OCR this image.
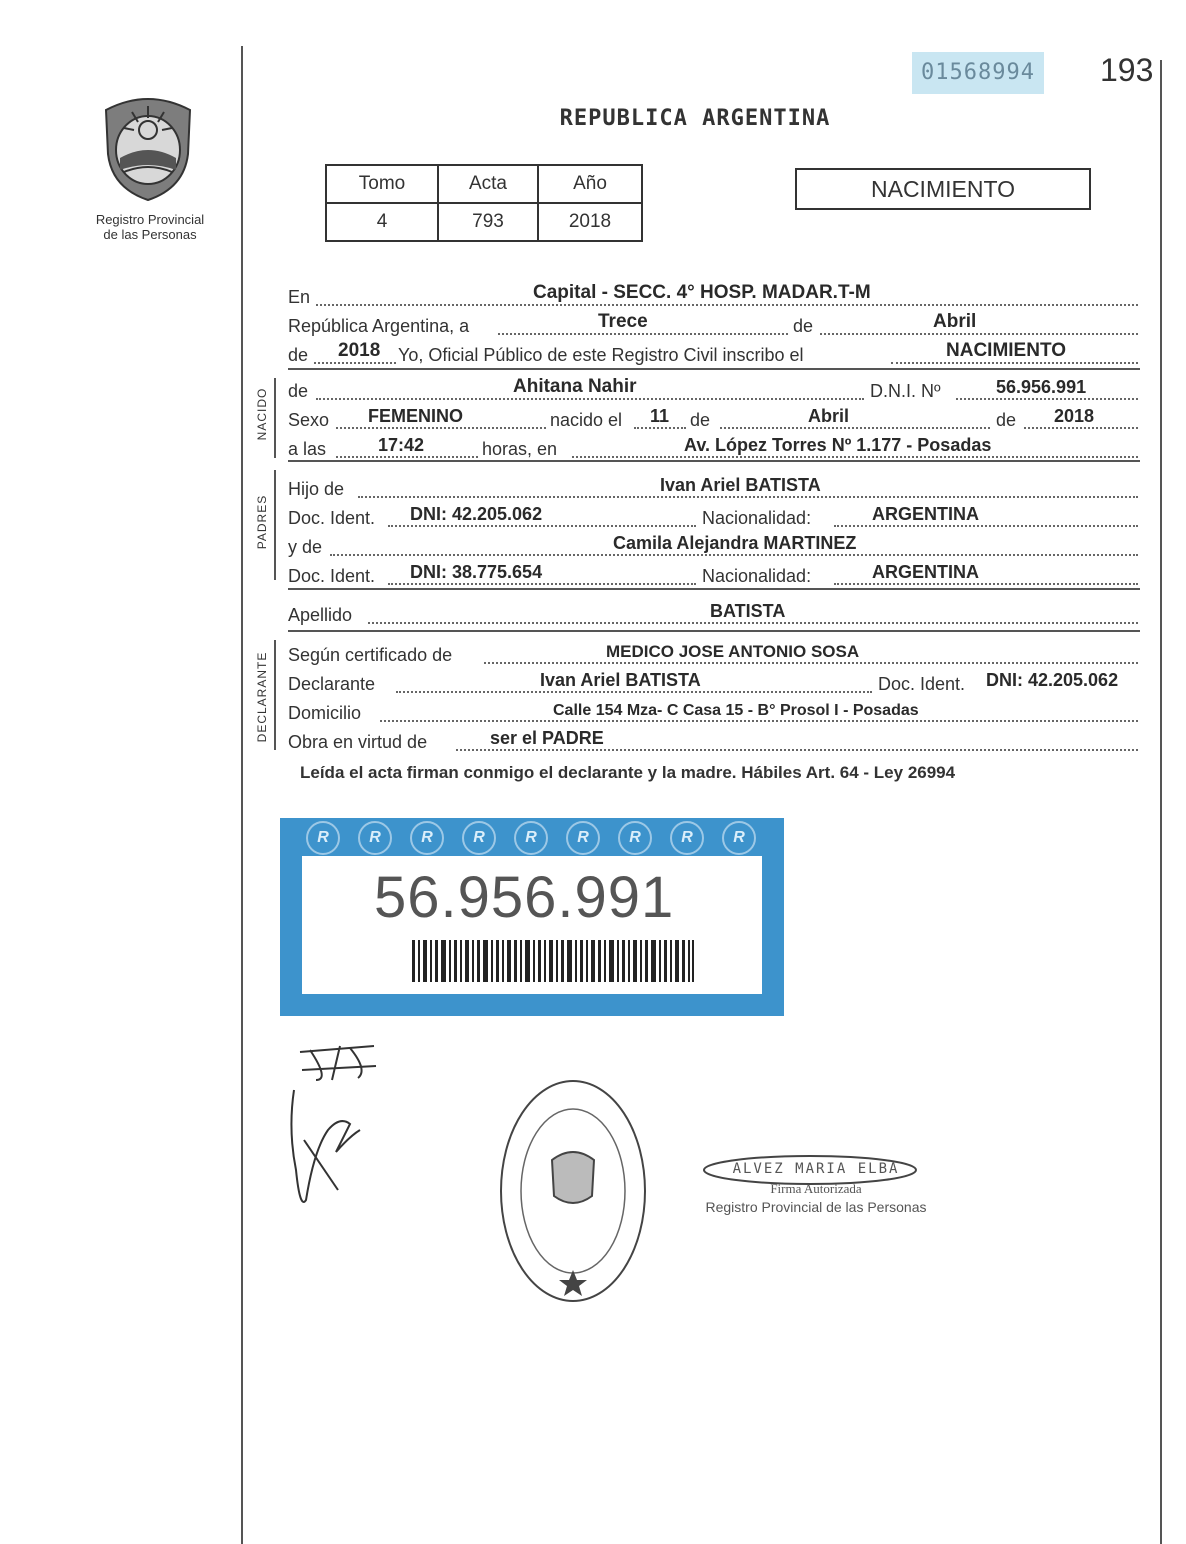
01568994 193
Registro Provincial
de las Personas
REPUBLICA ARGENTINA
Tomo	Acta	Año
4	793	2018
NACIMIENTO
En	Capital - SECC. 4° HOSP. MADAR.T-M
República Argentina, a	Trece	de	Abril
de 2018 Yo, Oficial Público de este Registro Civil inscribo el	NACIMIENTO
NACIDO de	Ahitana Nahir	D.N.I. Nº	56.956.991
Sexo FEMENINO	nacido el 11 de	Abril	de 2018
a las	17:42	horas, en	Av. López Torres Nº 1.177 - Posadas
PADRES
Hijo de	Ivan Ariel BATISTA
Doc. Ident. DNI: 42.205.062	Nacionalidad:	ARGENTINA
y de	Camila Alejandra MARTINEZ
Doc. Ident. DNI: 38.775.654	Nacionalidad:	ARGENTINA
Apellido	BATISTA
DECLARANTE Según certificado de	MEDICO JOSE ANTONIO SOSA
Declarante	Ivan Ariel BATISTA	Doc. Ident. DNI: 42.205.062
Domicilio	Calle 154 Mza- C Casa 15 - B° Prosol I - Posadas
Obra en virtud de	ser el PADRE
Leída el acta firman conmigo el declarante y la madre. Hábiles Art. 64 - Ley 26994
R	R	R	R	R	R	R	R	R
56.956.991
ALVEZ MARIA ELBA
Firma Autorizada
Registro Provincial de las Personas
